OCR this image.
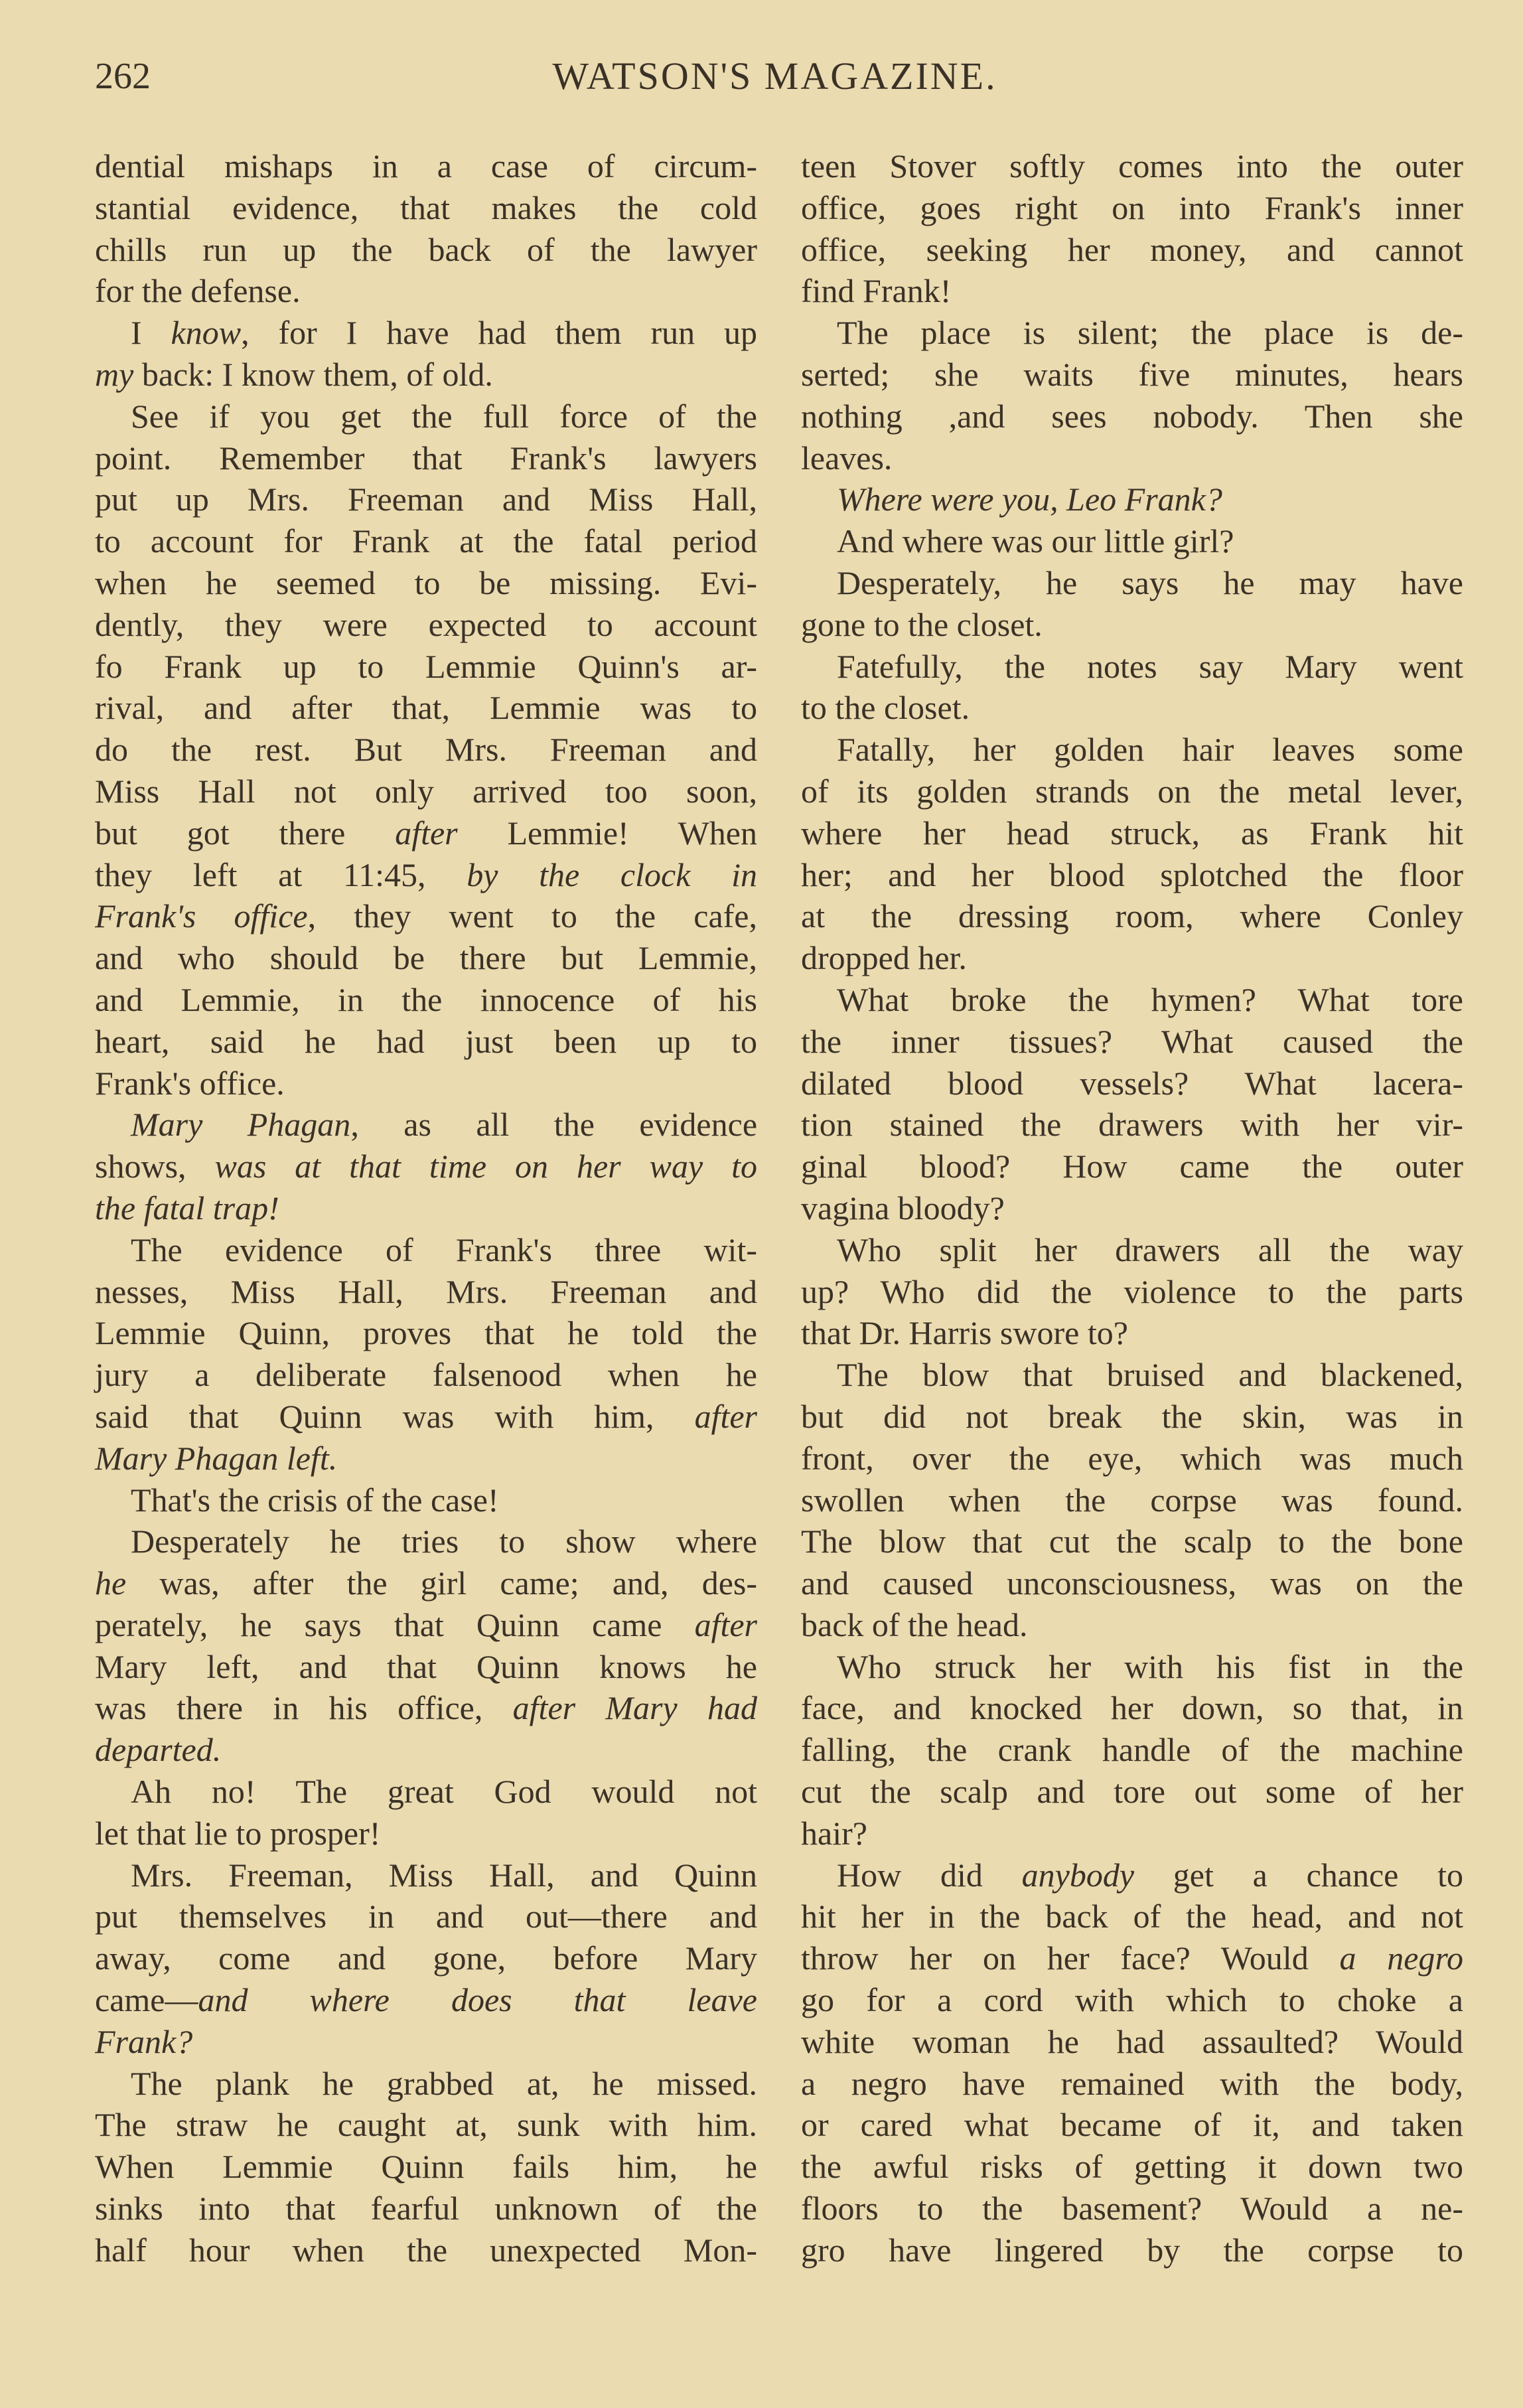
262	WATSON'S MAGAZINE.
dential mishaps in a case of circum-
stantial evidence, that makes the cold
chills run up the back of the lawyer
for the defense.
I know, for I have had them run up
my back: I know them, of old.
See if you get the full force of the
point. Remember that Frank's lawyers
put up Mrs. Freeman and Miss Hall,
to account for Frank at the fatal period
when he seemed to be missing. Evi-
dently, they were expected to account
fo Frank up to Lemmie Quinn's ar-
rival, and after that, Lemmie was to
do the rest. But Mrs. Freeman and
Miss Hall not only arrived too soon,
but got there after Lemmie! When
they left at 11:45, by the clock in
Frank's office, they went to the cafe,
and who should be there but Lemmie,
and Lemmie, in the innocence of his
heart, said he had just been up to
Frank's office.
Mary Phagan, as all the evidence
shows, was at that time on her way to
the fatal trap!
The evidence of Frank's three wit-
nesses, Miss Hall, Mrs. Freeman and
Lemmie Quinn, proves that he told the
jury a deliberate falsenood when he
said that Quinn was with him, after
Mary Phagan left.
That's the crisis of the case!
Desperately he tries to show where
he was, after the girl came; and, des-
perately, he says that Quinn came after
Mary left, and that Quinn knows he
was there in his office, after Mary had
departed.
Ah no! The great God would not
let that lie to prosper!
Mrs. Freeman, Miss Hall, and Quinn
put themselves in and out—there and
away, come and gone, before Mary
came—and where does that leave
Frank?
The plank he grabbed at, he missed.
The straw he caught at, sunk with him.
When Lemmie Quinn fails him, he
sinks into that fearful unknown of the
half hour when the unexpected Mon-
teen Stover softly comes into the outer
office, goes right on into Frank's inner
office, seeking her money, and cannot
find Frank!
The place is silent; the place is de-
serted; she waits five minutes, hears
nothing ,and sees nobody. Then she
leaves.
Where were you, Leo Frank?
And where was our little girl?
Desperately, he says he may have
gone to the closet.
Fatefully, the notes say Mary went
to the closet.
Fatally, her golden hair leaves some
of its golden strands on the metal lever,
where her head struck, as Frank hit
her; and her blood splotched the floor
at the dressing room, where Conley
dropped her.
What broke the hymen? What tore
the inner tissues? What caused the
dilated blood vessels? What lacera-
tion stained the drawers with her vir-
ginal blood? How came the outer
vagina bloody?
Who split her drawers all the way
up? Who did the violence to the parts
that Dr. Harris swore to?
The blow that bruised and blackened,
but did not break the skin, was in
front, over the eye, which was much
swollen when the corpse was found.
The blow that cut the scalp to the bone
and caused unconsciousness, was on the
back of the head.
Who struck her with his fist in the
face, and knocked her down, so that, in
falling, the crank handle of the machine
cut the scalp and tore out some of her
hair?
How did anybody get a chance to
hit her in the back of the head, and not
throw her on her face? Would a negro
go for a cord with which to choke a
white woman he had assaulted? Would
a negro have remained with the body,
or cared what became of it, and taken
the awful risks of getting it down two
floors to the basement? Would a ne-
gro have lingered by the corpse to
